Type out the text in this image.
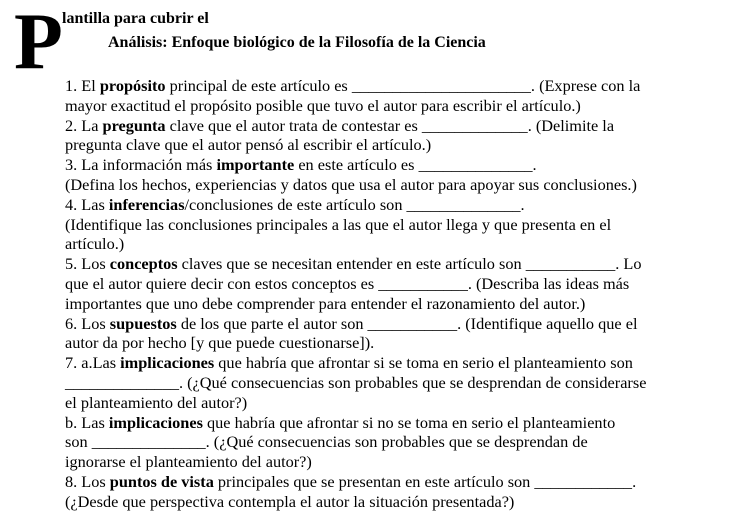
P lantilla para cubrir el
Análisis: Enfoque biológico de la Filosofía de la Ciencia
1. El propósito principal de este artículo es ______________________. (Exprese con la
mayor exactitud el propósito posible que tuvo el autor para escribir el artículo.)
2. La pregunta clave que el autor trata de contestar es _____________. (Delimite la
pregunta clave que el autor pensó al escribir el artículo.)
3. La información más importante en este artículo es ______________.
(Defina los hechos, experiencias y datos que usa el autor para apoyar sus conclusiones.)
4. Las inferencias/conclusiones de este artículo son ______________.
(Identifique las conclusiones principales a las que el autor llega y que presenta en el
artículo.)
5. Los conceptos claves que se necesitan entender en este artículo son ___________. Lo
que el autor quiere decir con estos conceptos es ___________. (Describa las ideas más
importantes que uno debe comprender para entender el razonamiento del autor.)
6. Los supuestos de los que parte el autor son ___________. (Identifique aquello que el
autor da por hecho [y que puede cuestionarse]).
7. a.Las implicaciones que habría que afrontar si se toma en serio el planteamiento son
______________. (¿Qué consecuencias son probables que se desprendan de considerarse
el planteamiento del autor?)
b. Las implicaciones que habría que afrontar si no se toma en serio el planteamiento
son ______________. (¿Qué consecuencias son probables que se desprendan de
ignorarse el planteamiento del autor?)
8. Los puntos de vista principales que se presentan en este artículo son ____________.
(¿Desde que perspectiva contempla el autor la situación presentada?)
